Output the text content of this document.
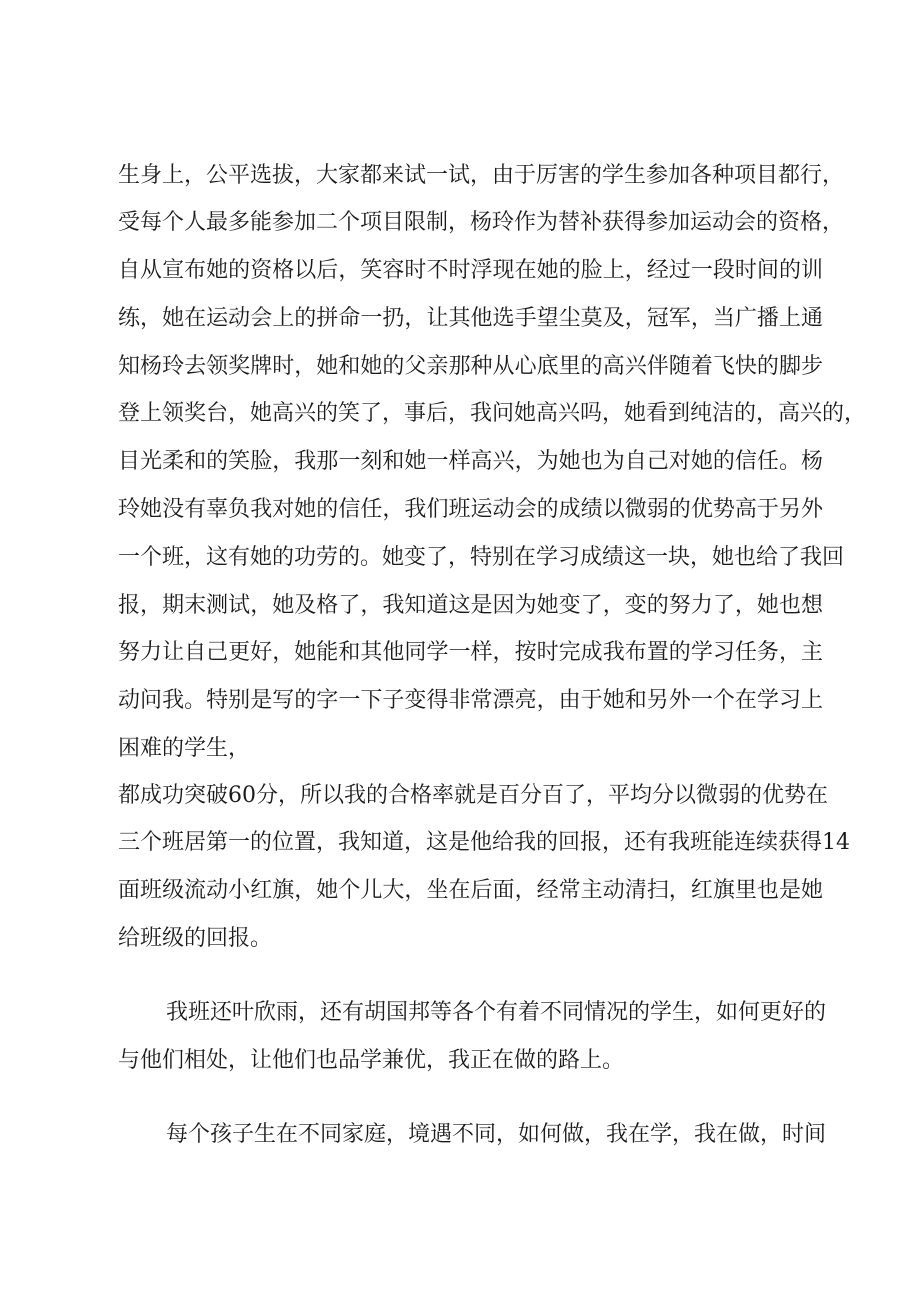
生身上，公平选拔，大家都来试一试，由于厉害的学生参加各种项目都行，
受每个人最多能参加二个项目限制，杨玲作为替补获得参加运动会的资格，
自从宣布她的资格以后，笑容时不时浮现在她的脸上，经过一段时间的训
练，她在运动会上的拼命一扔，让其他选手望尘莫及，冠军，当广播上通
知杨玲去领奖牌时，她和她的父亲那种从心底里的高兴伴随着飞快的脚步
登上领奖台，她高兴的笑了，事后，我问她高兴吗，她看到纯洁的，高兴的，
目光柔和的笑脸，我那一刻和她一样高兴，为她也为自己对她的信任。杨
玲她没有辜负我对她的信任，我们班运动会的成绩以微弱的优势高于另外
一个班，这有她的功劳的。她变了，特别在学习成绩这一块，她也给了我回
报，期末测试，她及格了，我知道这是因为她变了，变的努力了，她也想
努力让自己更好，她能和其他同学一样，按时完成我布置的学习任务，主
动问我。特别是写的字一下子变得非常漂亮，由于她和另外一个在学习上
困难的学生，
都成功突破60分，所以我的合格率就是百分百了，平均分以微弱的优势在
三个班居第一的位置，我知道，这是他给我的回报，还有我班能连续获得14
面班级流动小红旗，她个儿大，坐在后面，经常主动清扫，红旗里也是她
给班级的回报。
我班还叶欣雨，还有胡国邦等各个有着不同情况的学生，如何更好的
与他们相处，让他们也品学兼优，我正在做的路上。
每个孩子生在不同家庭，境遇不同，如何做，我在学，我在做，时间
